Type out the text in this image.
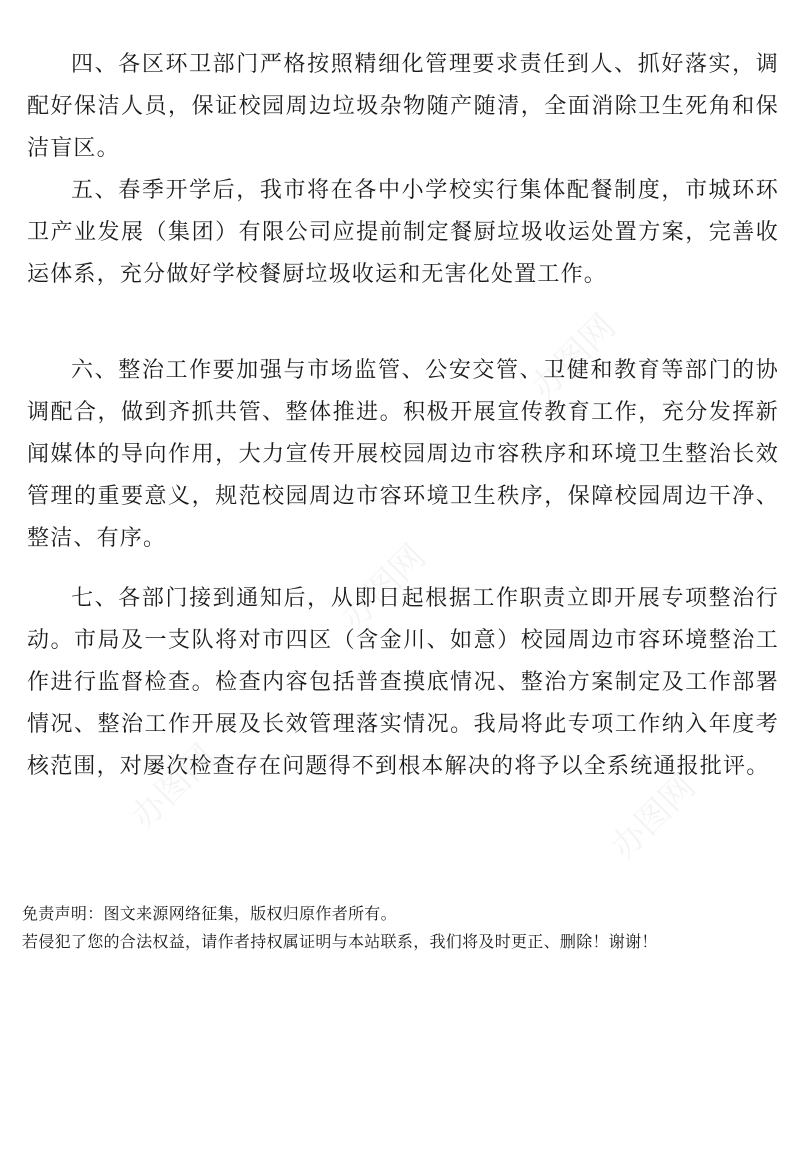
办图网
办图网
办图网	办图网

四、各区环卫部门严格按照精细化管理要求责任到人、抓好落实，调配好保洁人员，保证校园周边垃圾杂物随产随清，全面消除卫生死角和保洁盲区。

五、春季开学后，我市将在各中小学校实行集体配餐制度，市城环环卫产业发展（集团）有限公司应提前制定餐厨垃圾收运处置方案，完善收运体系，充分做好学校餐厨垃圾收运和无害化处置工作。

六、整治工作要加强与市场监管、公安交管、卫健和教育等部门的协调配合，做到齐抓共管、整体推进。积极开展宣传教育工作，充分发挥新闻媒体的导向作用，大力宣传开展校园周边市容秩序和环境卫生整治长效管理的重要意义，规范校园周边市容环境卫生秩序，保障校园周边干净、整洁、有序。

七、各部门接到通知后，从即日起根据工作职责立即开展专项整治行动。市局及一支队将对市四区（含金川、如意）校园周边市容环境整治工作进行监督检查。检查内容包括普查摸底情况、整治方案制定及工作部署情况、整治工作开展及长效管理落实情况。我局将此专项工作纳入年度考核范围，对屡次检查存在问题得不到根本解决的将予以全系统通报批评。

免责声明：图文来源网络征集，版权归原作者所有。
若侵犯了您的合法权益，请作者持权属证明与本站联系，我们将及时更正、删除！谢谢！
